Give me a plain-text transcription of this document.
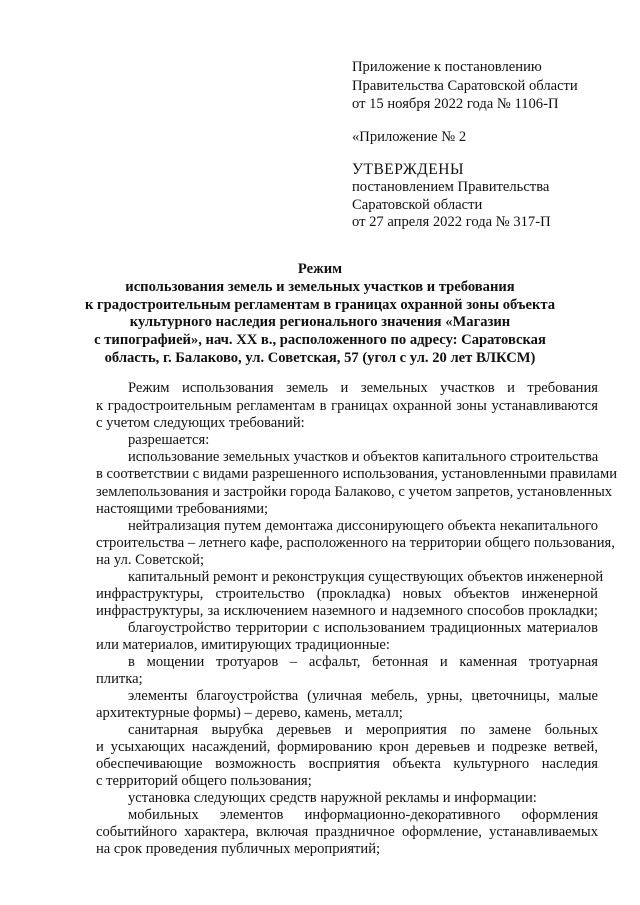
Приложение к постановлению
Правительства Саратовской области
от 15 ноября 2022 года № 1106-П
«Приложение № 2
УТВЕРЖДЕНЫ
постановлением Правительства
Саратовской области
от 27 апреля 2022 года № 317-П
Режим
использования земель и земельных участков и требования
к градостроительным регламентам в границах охранной зоны объекта
культурного наследия регионального значения «Магазин
с типографией», нач. XX в., расположенного по адресу: Саратовская
область, г. Балаково, ул. Советская, 57 (угол с ул. 20 лет ВЛКСМ)
Режим использования земель и земельных участков и требования
к градостроительным регламентам в границах охранной зоны устанавливаются
с учетом следующих требований:
разрешается:
использование земельных участков и объектов капитального строительства
в соответствии с видами разрешенного использования, установленными правилами
землепользования и застройки города Балаково, с учетом запретов, установленных
настоящими требованиями;
нейтрализация путем демонтажа диссонирующего объекта некапитального
строительства – летнего кафе, расположенного на территории общего пользования,
на ул. Советской;
капитальный ремонт и реконструкция существующих объектов инженерной
инфраструктуры, строительство (прокладка) новых объектов инженерной
инфраструктуры, за исключением наземного и надземного способов прокладки;
благоустройство территории с использованием традиционных материалов
или материалов, имитирующих традиционные:
в мощении тротуаров – асфальт, бетонная и каменная тротуарная
плитка;
элементы благоустройства (уличная мебель, урны, цветочницы, малые
архитектурные формы) – дерево, камень, металл;
санитарная вырубка деревьев и мероприятия по замене больных
и усыхающих насаждений, формированию крон деревьев и подрезке ветвей,
обеспечивающие возможность восприятия объекта культурного наследия
с территорий общего пользования;
установка следующих средств наружной рекламы и информации:
мобильных элементов информационно-декоративного оформления
событийного характера, включая праздничное оформление, устанавливаемых
на срок проведения публичных мероприятий;
